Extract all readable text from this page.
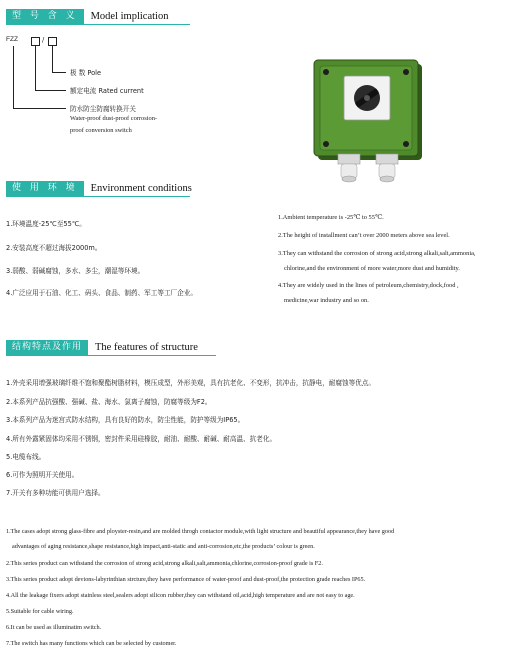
型 号 含 义	Model implication
FZZ	/
极 数 Pole
额定电流 Rated current
防水防尘防腐转换开关
Water-proof dust-proof corrosion-
proof conversion switch
使 用 环 境	Environment conditions
1.环境温度-25℃至55℃。
2.安装高度不超过海拔2000m。
3.弱酸、弱碱腐蚀，多水、多尘，潮湿等环境。
4.广泛应用于石油、化工、码头、食品、制药、军工等工厂企业。
1.Ambient temperature is -25℃ to 55℃.
2.The height of installment can’t over 2000 meters above sea level.
3.They can withstand the corrosion of strong acid,strong alkali,salt,ammonia,
chlorine,and the environment of more water,more dust and humidity.
4.They are widely used in the lines of petroleum,chemistry,dock,food ,
medicine,war industry and so on.
结构特点及作用	The features of structure
1.外壳采用增强玻璃纤维不饱和聚酯树脂材料，模压成型，外形美观，具有抗老化、不变形，抗冲击，抗静电，耐腐蚀等优点。
2.本系列产品抗强酸、强碱、盐、海水、氯离子腐蚀，防腐等级为F2。
3.本系列产品为迷宫式防水结构，具有良好的防水，防尘性能，防护等级为IP65。
4.所有外露紧固体均采用不锈钢，密封件采用硅橡胶，耐油、耐酸、耐碱、耐高温、抗老化。
5.电缆布线。
6.可作为照明开关使用。
7.开关有多种功能可供用户选择。
1.The cases adopt strong glass-fibre and ployster-resin,and are molded throgh contactor module,with light structure and beautiful appearance,they have good
advantages of aging resistance,shape resistance,high impact,anti-static and anti-corrosion,etc,the products’ colour is green.
2.This series product can withstand the corrosion of strong acid,strong alkali,salt,ammonia,chlorine,corrosion-proof grade is F2.
3.This series product adopt devions-labyrinthian strcture,they have performance of water-proof and dust-proof,the protection grade reaches IP65.
4.All the leakage fixers adopt stainless steel,sealers adopt silicon rubber,they can withstand oil,acid,high temperature and are not easy to age.
5.Suitable for cable wiring.
6.It can be used as illuminatim switch.
7.The switch has many functions which can be selected by customer.
